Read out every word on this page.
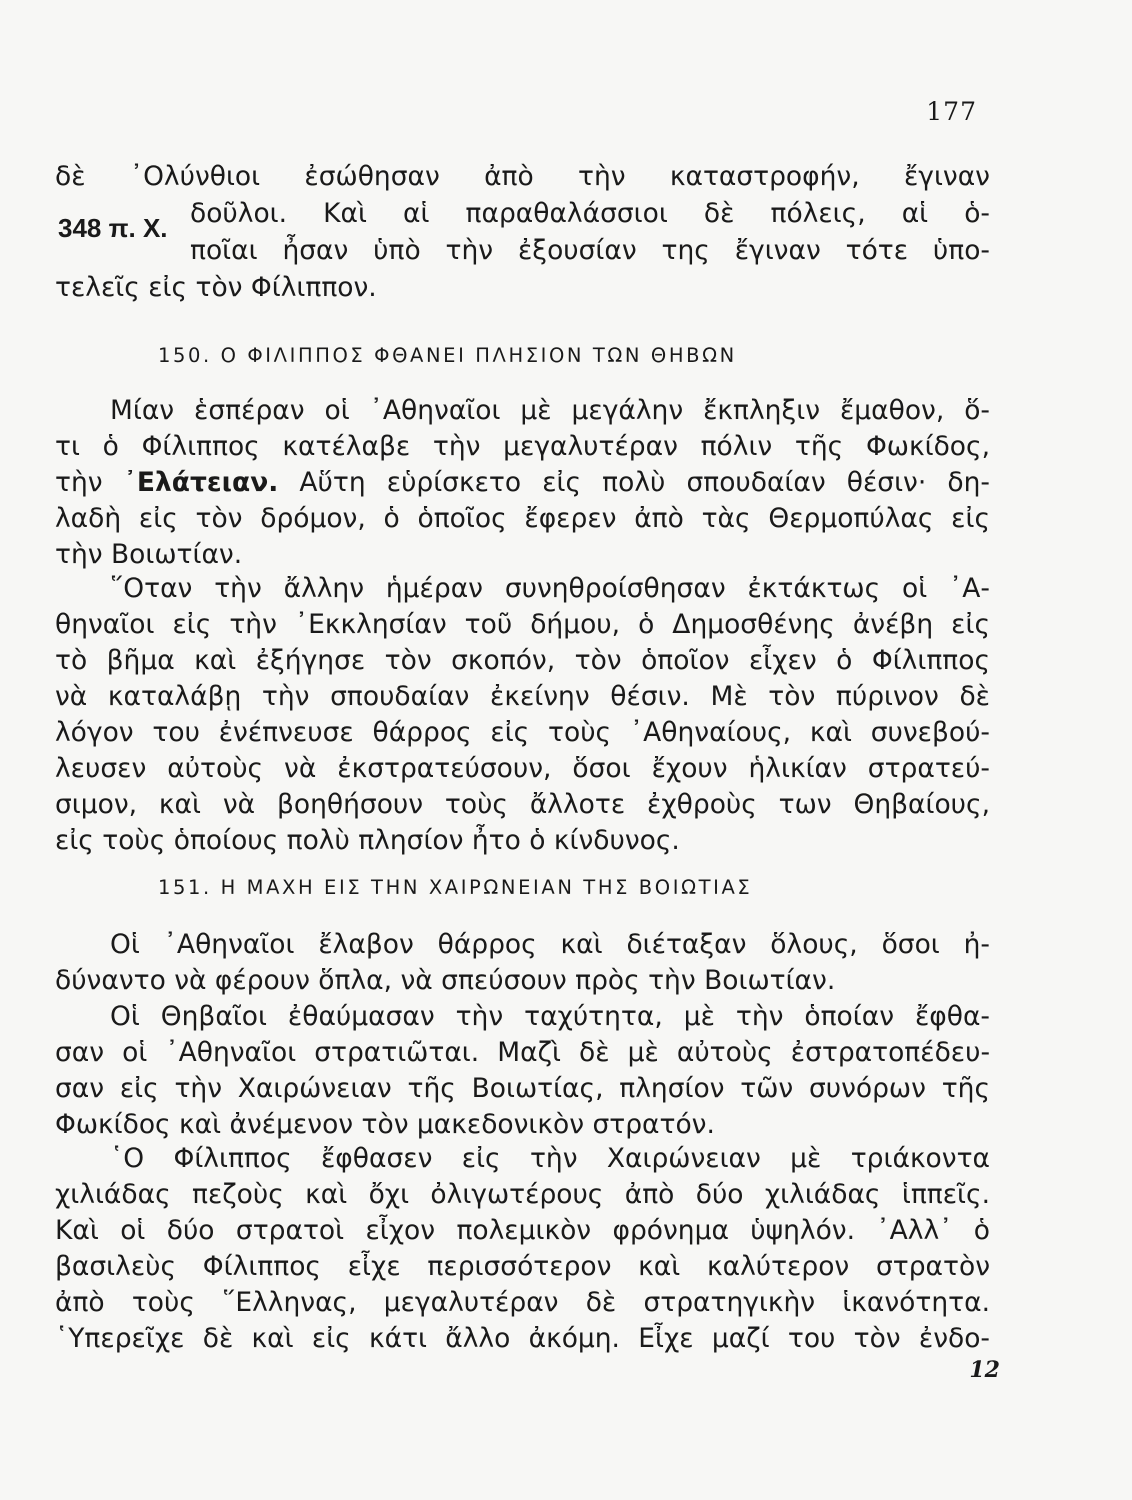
177
δὲ ᾿Ολύνθιοι ἐσώθησαν ἀπὸ τὴν καταστροφήν, ἔγιναν
348 π. Χ. δοῦλοι. Καὶ αἱ παραθαλάσσιοι δὲ πόλεις, αἱ ὁ-
ποῖαι ἦσαν ὑπὸ τὴν ἐξουσίαν της ἔγιναν τότε ὑπο-
τελεῖς εἰς τὸν Φίλιππον.
150. Ο ΦΙΛΙΠΠΟΣ ΦΘΑΝΕΙ ΠΛΗΣΙΟΝ ΤΩΝ ΘΗΒΩΝ
Μίαν ἑσπέραν οἱ ᾿Αθηναῖοι μὲ μεγάλην ἔκπληξιν ἔμαθον, ὅ-
τι ὁ Φίλιππος κατέλαβε τὴν μεγαλυτέραν πόλιν τῆς Φωκίδος,
τὴν ᾿Ελάτειαν. Αὕτη εὑρίσκετο εἰς πολὺ σπουδαίαν θέσιν· δη-
λαδὴ εἰς τὸν δρόμον, ὁ ὁποῖος ἔφερεν ἀπὸ τὰς Θερμοπύλας εἰς
τὴν Βοιωτίαν.
῞Οταν τὴν ἄλλην ἡμέραν συνηθροίσθησαν ἐκτάκτως οἱ ᾿Α-
θηναῖοι εἰς τὴν ᾿Εκκλησίαν τοῦ δήμου, ὁ Δημοσθένης ἀνέβη εἰς
τὸ βῆμα καὶ ἐξήγησε τὸν σκοπόν, τὸν ὁποῖον εἶχεν ὁ Φίλιππος
νὰ καταλάβῃ τὴν σπουδαίαν ἐκείνην θέσιν. Μὲ τὸν πύρινον δὲ
λόγον του ἐνέπνευσε θάρρος εἰς τοὺς ᾿Αθηναίους, καὶ συνεβού-
λευσεν αὐτοὺς νὰ ἐκστρατεύσουν, ὅσοι ἔχουν ἡλικίαν στρατεύ-
σιμον, καὶ νὰ βοηθήσουν τοὺς ἄλλοτε ἐχθροὺς των Θηβαίους,
εἰς τοὺς ὁποίους πολὺ πλησίον ἦτο ὁ κίνδυνος.
151. Η ΜΑΧΗ ΕΙΣ ΤΗΝ ΧΑΙΡΩΝΕΙΑΝ ΤΗΣ ΒΟΙΩΤΙΑΣ
Οἱ ᾿Αθηναῖοι ἔλαβον θάρρος καὶ διέταξαν ὅλους, ὅσοι ἠ-
δύναντο νὰ φέρουν ὅπλα, νὰ σπεύσουν πρὸς τὴν Βοιωτίαν.
Οἱ Θηβαῖοι ἐθαύμασαν τὴν ταχύτητα, μὲ τὴν ὁποίαν ἔφθα-
σαν οἱ ᾿Αθηναῖοι στρατιῶται. Μαζὶ δὲ μὲ αὐτοὺς ἐστρατοπέδευ-
σαν εἰς τὴν Χαιρώνειαν τῆς Βοιωτίας, πλησίον τῶν συνόρων τῆς
Φωκίδος καὶ ἀνέμενον τὸν μακεδονικὸν στρατόν.
῾Ο Φίλιππος ἔφθασεν εἰς τὴν Χαιρώνειαν μὲ τριάκοντα
χιλιάδας πεζοὺς καὶ ὄχι ὀλιγωτέρους ἀπὸ δύο χιλιάδας ἱππεῖς.
Καὶ οἱ δύο στρατοὶ εἶχον πολεμικὸν φρόνημα ὑψηλόν. ᾿Αλλ᾿ ὁ
βασιλεὺς Φίλιππος εἶχε περισσότερον καὶ καλύτερον στρατὸν
ἀπὸ τοὺς ῞Ελληνας, μεγαλυτέραν δὲ στρατηγικὴν ἱκανότητα.
῾Υπερεῖχε δὲ καὶ εἰς κάτι ἄλλο ἀκόμη. Εἶχε μαζί του τὸν ἐνδο-
12
